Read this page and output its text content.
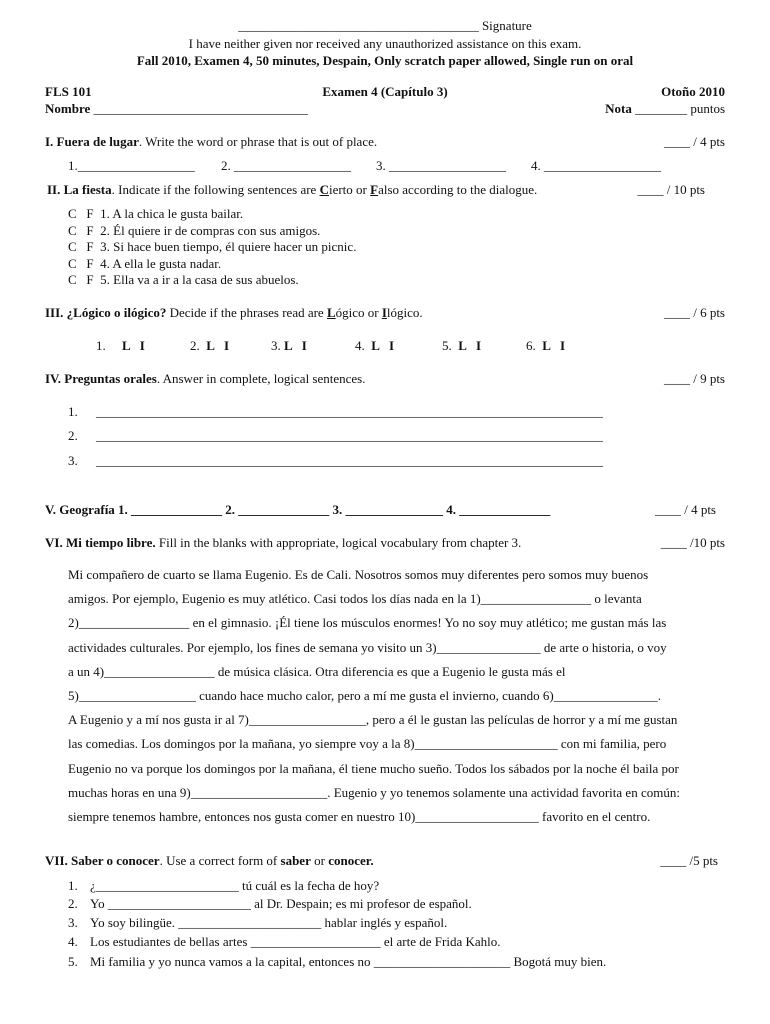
_____________________________________ Signature
I have neither given nor received any unauthorized assistance on this exam.
Fall 2010, Examen 4, 50 minutes, Despain, Only scratch paper allowed, Single run on oral
FLS 101	Examen 4 (Capítulo 3)	Otoño 2010
Nombre _________________________________	Nota ________ puntos
I. Fuera de lugar. Write the word or phrase that is out of place.	____ / 4 pts
1.__________________ 2. __________________ 3. __________________ 4. __________________
II. La fiesta. Indicate if the following sentences are Cierto or Falso according to the dialogue.	____ / 10 pts
C   F  1. A la chica le gusta bailar.
C   F  2. Él quiere ir de compras con sus amigos.
C   F  3. Si hace buen tiempo, él quiere hacer un picnic.
C   F  4. A ella le gusta nadar.
C   F  5. Ella va a ir a la casa de sus abuelos.
III. ¿Lógico o ilógico? Decide if the phrases read are Lógico or Ilógico.	____ / 6 pts
1. L   I	2. L   I	3. L   I	4. L   I	5. L   I	6. L   I
IV. Preguntas orales. Answer in complete, logical sentences.	____ / 9 pts
1. ______________________________________________________________________________
2. ______________________________________________________________________________
3. ______________________________________________________________________________
V. Geografía 1. ______________ 2. ______________ 3. _______________ 4. ______________	____ / 4 pts
VI. Mi tiempo libre. Fill in the blanks with appropriate, logical vocabulary from chapter 3.	____ /10 pts

Mi compañero de cuarto se llama Eugenio. Es de Cali. Nosotros somos muy diferentes pero somos muy buenos

amigos. Por ejemplo, Eugenio es muy atlético. Casi todos los días nada en la 1)_________________ o levanta

2)_________________ en el gimnasio. ¡Él tiene los músculos enormes! Yo no soy muy atlético; me gustan más las

actividades culturales. Por ejemplo, los fines de semana yo visito un 3)________________ de arte o historia, o voy

a un 4)_________________ de música clásica. Otra diferencia es que a Eugenio le gusta más el

5)__________________ cuando hace mucho calor, pero a mí me gusta el invierno, cuando 6)________________.

A Eugenio y a mí nos gusta ir al 7)__________________, pero a él le gustan las películas de horror y a mí me gustan

las comedias. Los domingos por la mañana, yo siempre voy a la 8)______________________ con mi familia, pero

Eugenio no va porque los domingos por la mañana, él tiene mucho sueño. Todos los sábados por la noche él baila por

muchas horas en una 9)_____________________. Eugenio y yo tenemos solamente una actividad favorita en común:

siempre tenemos hambre, entonces nos gusta comer en nuestro 10)___________________ favorito en el centro.

VII. Saber o conocer. Use a correct form of saber or conocer.	____ /5 pts
1. ¿______________________ tú cuál es la fecha de hoy?
2. Yo ______________________ al Dr. Despain; es mi profesor de español.
3. Yo soy bilingüe. ______________________ hablar inglés y español.
4. Los estudiantes de bellas artes ____________________ el arte de Frida Kahlo.
5. Mi familia y yo nunca vamos a la capital, entonces no _____________________ Bogotá muy bien.
